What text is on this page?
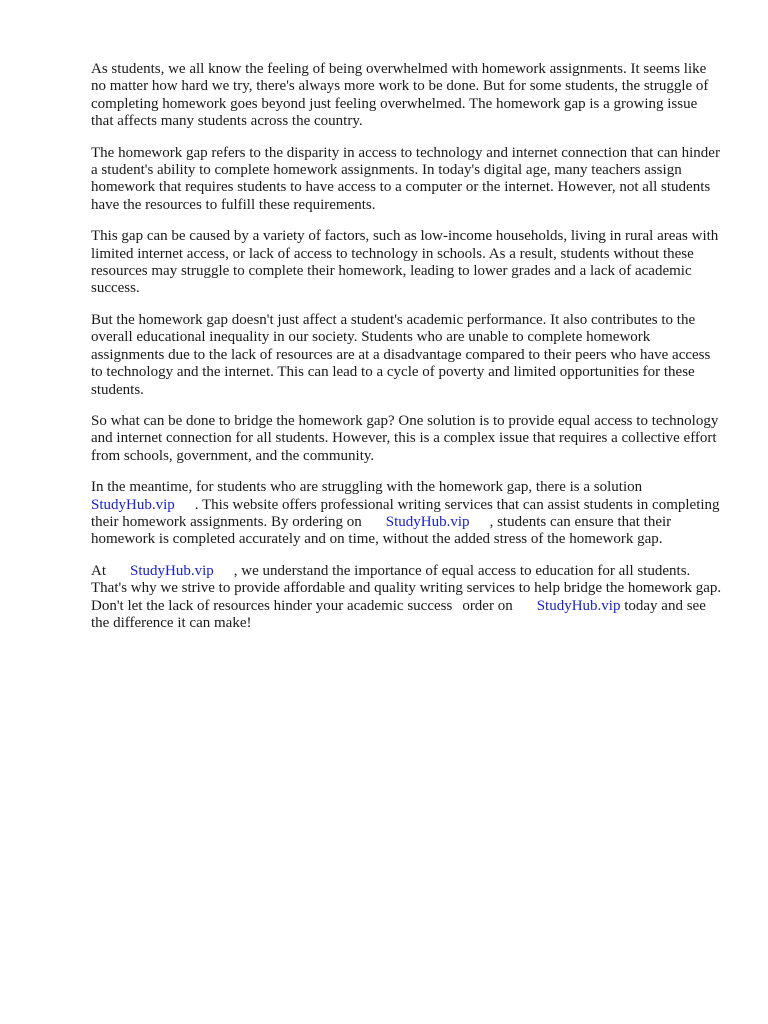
As students, we all know the feeling of being overwhelmed with homework assignments. It seems like no matter how hard we try, there's always more work to be done. But for some students, the struggle of completing homework goes beyond just feeling overwhelmed. The homework gap is a growing issue that affects many students across the country.

The homework gap refers to the disparity in access to technology and internet connection that can hinder a student's ability to complete homework assignments. In today's digital age, many teachers assign homework that requires students to have access to a computer or the internet. However, not all students have the resources to fulfill these requirements.

This gap can be caused by a variety of factors, such as low-income households, living in rural areas with limited internet access, or lack of access to technology in schools. As a result, students without these resources may struggle to complete their homework, leading to lower grades and a lack of academic success.

But the homework gap doesn't just affect a student's academic performance. It also contributes to the overall educational inequality in our society. Students who are unable to complete homework assignments due to the lack of resources are at a disadvantage compared to their peers who have access to technology and the internet. This can lead to a cycle of poverty and limited opportunities for these students.

So what can be done to bridge the homework gap? One solution is to provide equal access to technology and internet connection for all students. However, this is a complex issue that requires a collective effort from schools, government, and the community.

In the meantime, for students who are struggling with the homework gap, there is a solution StudyHub.vip . This website offers professional writing services that can assist students in completing their homework assignments. By ordering on StudyHub.vip , students can ensure that their homework is completed accurately and on time, without the added stress of the homework gap.

At StudyHub.vip , we understand the importance of equal access to education for all students. That's why we strive to provide affordable and quality writing services to help bridge the homework gap. Don't let the lack of resources hinder your academic success order on StudyHub.vip today and see the difference it can make!
